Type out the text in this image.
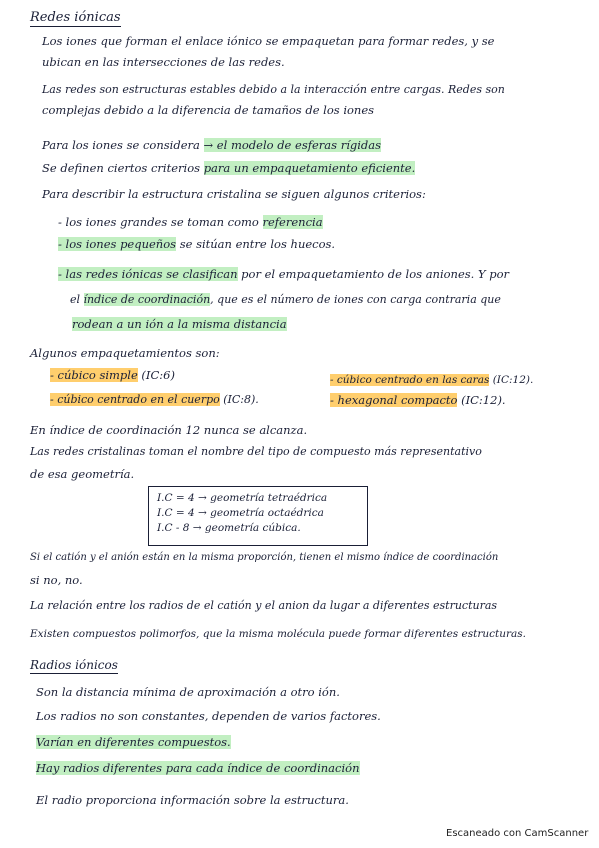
Redes iónicas
Los iones que forman el enlace iónico se empaquetan para formar redes, y se
ubican en las intersecciones de las redes.
Las redes son estructuras estables debido a la interacción entre cargas. Redes son
complejas debido a la diferencia de tamaños de los iones
Para los iones se considera → el modelo de esferas rígidas
Se definen ciertos criterios para un empaquetamiento eficiente.
Para describir la estructura cristalina se siguen algunos criterios:
- los iones grandes se toman como referencia
- los iones pequeños se sitúan entre los huecos.
- las redes iónicas se clasifican por el empaquetamiento de los aniones. Y por
el índice de coordinación, que es el número de iones con carga contraria que
rodean a un ión a la misma distancia
Algunos empaquetamientos son:
- cúbico simple (IC:6)	- cúbico centrado en las caras (IC:12).
- cúbico centrado en el cuerpo (IC:8).	- hexagonal compacto (IC:12).
En índice de coordinación 12 nunca se alcanza.
Las redes cristalinas toman el nombre del tipo de compuesto más representativo
de esa geometría.
I.C = 4 → geometría tetraédrica
I.C = 4 → geometría octaédrica
I.C - 8 → geometría cúbica.
Si el catión y el anión están en la misma proporción, tienen el mismo índice de coordinación
si no, no.
La relación entre los radios de el catión y el anion da lugar a diferentes estructuras
Existen compuestos polimorfos, que la misma molécula puede formar diferentes estructuras.
Radios iónicos
Son la distancia mínima de aproximación a otro ión.
Los radios no son constantes, dependen de varios factores.
Varían en diferentes compuestos.
Hay radios diferentes para cada índice de coordinación
El radio proporciona información sobre la estructura.
Escaneado con CamScanner
